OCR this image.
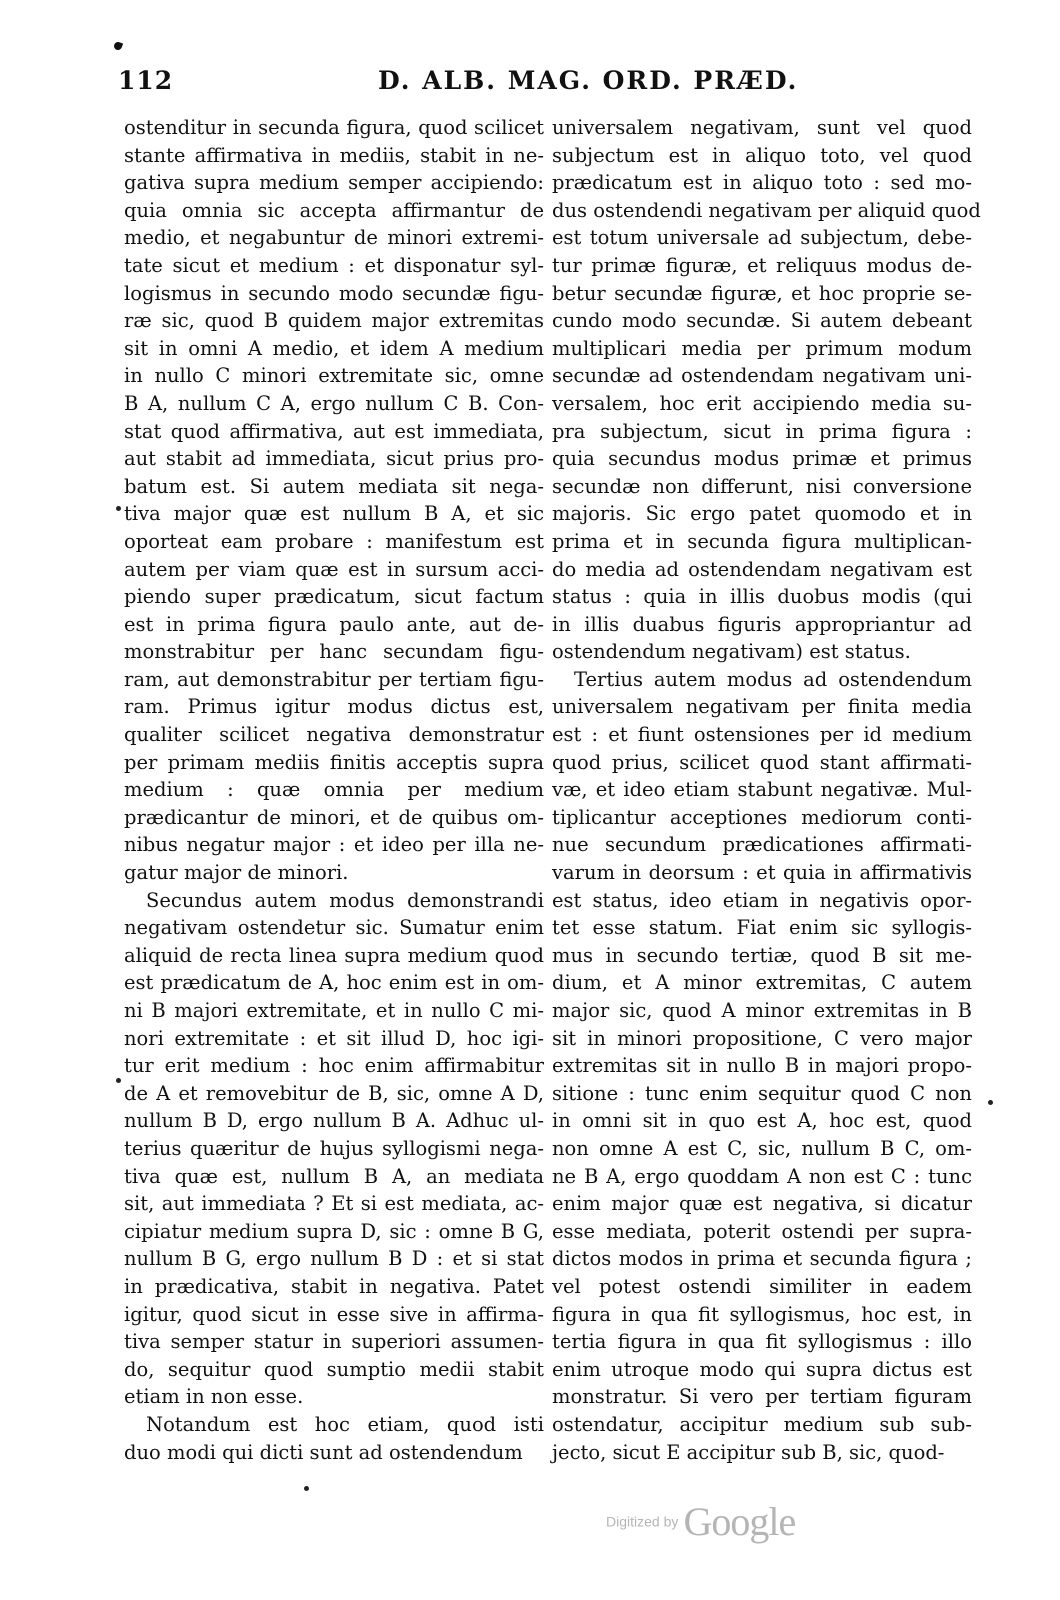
112	D. ALB. MAG. ORD. PRÆD.
ostenditur in secunda figura, quod scilicet
stante affirmativa in mediis, stabit in ne-
gativa supra medium semper accipiendo:
quia omnia sic accepta affirmantur de
medio, et negabuntur de minori extremi-
tate sicut et medium : et disponatur syl-
logismus in secundo modo secundæ figu-
ræ sic, quod B quidem major extremitas
sit in omni A medio, et idem A medium
in nullo C minori extremitate sic, omne
B A, nullum C A, ergo nullum C B. Con-
stat quod affirmativa, aut est immediata,
aut stabit ad immediata, sicut prius pro-
batum est. Si autem mediata sit nega-
tiva major quæ est nullum B A, et sic
oporteat eam probare : manifestum est
autem per viam quæ est in sursum acci-
piendo super prædicatum, sicut factum
est in prima figura paulo ante, aut de-
monstrabitur per hanc secundam figu-
ram, aut demonstrabitur per tertiam figu-
ram. Primus igitur modus dictus est,
qualiter scilicet negativa demonstratur
per primam mediis finitis acceptis supra
medium : quæ omnia per medium
prædicantur de minori, et de quibus om-
nibus negatur major : et ideo per illa ne-
gatur major de minori.
Secundus autem modus demonstrandi
negativam ostendetur sic. Sumatur enim
aliquid de recta linea supra medium quod
est prædicatum de A, hoc enim est in om-
ni B majori extremitate, et in nullo C mi-
nori extremitate : et sit illud D, hoc igi-
tur erit medium : hoc enim affirmabitur
de A et removebitur de B, sic, omne A D,
nullum B D, ergo nullum B A. Adhuc ul-
terius quæritur de hujus syllogismi nega-
tiva quæ est, nullum B A, an mediata
sit, aut immediata ? Et si est mediata, ac-
cipiatur medium supra D, sic : omne B G,
nullum B G, ergo nullum B D : et si stat
in prædicativa, stabit in negativa. Patet
igitur, quod sicut in esse sive in affirma-
tiva semper statur in superiori assumen-
do, sequitur quod sumptio medii stabit
etiam in non esse.
Notandum est hoc etiam, quod isti
duo modi qui dicti sunt ad ostendendum
universalem negativam, sunt vel quod
subjectum est in aliquo toto, vel quod
prædicatum est in aliquo toto : sed mo-
dus ostendendi negativam per aliquid quod
est totum universale ad subjectum, debe-
tur primæ figuræ, et reliquus modus de-
betur secundæ figuræ, et hoc proprie se-
cundo modo secundæ. Si autem debeant
multiplicari media per primum modum
secundæ ad ostendendam negativam uni-
versalem, hoc erit accipiendo media su-
pra subjectum, sicut in prima figura :
quia secundus modus primæ et primus
secundæ non differunt, nisi conversione
majoris. Sic ergo patet quomodo et in
prima et in secunda figura multiplican-
do media ad ostendendam negativam est
status : quia in illis duobus modis (qui
in illis duabus figuris appropriantur ad
ostendendum negativam) est status.
Tertius autem modus ad ostendendum
universalem negativam per finita media
est : et fiunt ostensiones per id medium
quod prius, scilicet quod stant affirmati-
væ, et ideo etiam stabunt negativæ. Mul-
tiplicantur acceptiones mediorum conti-
nue secundum prædicationes affirmati-
varum in deorsum : et quia in affirmativis
est status, ideo etiam in negativis opor-
tet esse statum. Fiat enim sic syllogis-
mus in secundo tertiæ, quod B sit me-
dium, et A minor extremitas, C autem
major sic, quod A minor extremitas in B
sit in minori propositione, C vero major
extremitas sit in nullo B in majori propo-
sitione : tunc enim sequitur quod C non
in omni sit in quo est A, hoc est, quod
non omne A est C, sic, nullum B C, om-
ne B A, ergo quoddam A non est C : tunc
enim major quæ est negativa, si dicatur
esse mediata, poterit ostendi per supra-
dictos modos in prima et secunda figura ;
vel potest ostendi similiter in eadem
figura in qua fit syllogismus, hoc est, in
tertia figura in qua fit syllogismus : illo
enim utroque modo qui supra dictus est
monstratur. Si vero per tertiam figuram
ostendatur, accipitur medium sub sub-
jecto, sicut E accipitur sub B, sic, quod-
Digitized by Google
